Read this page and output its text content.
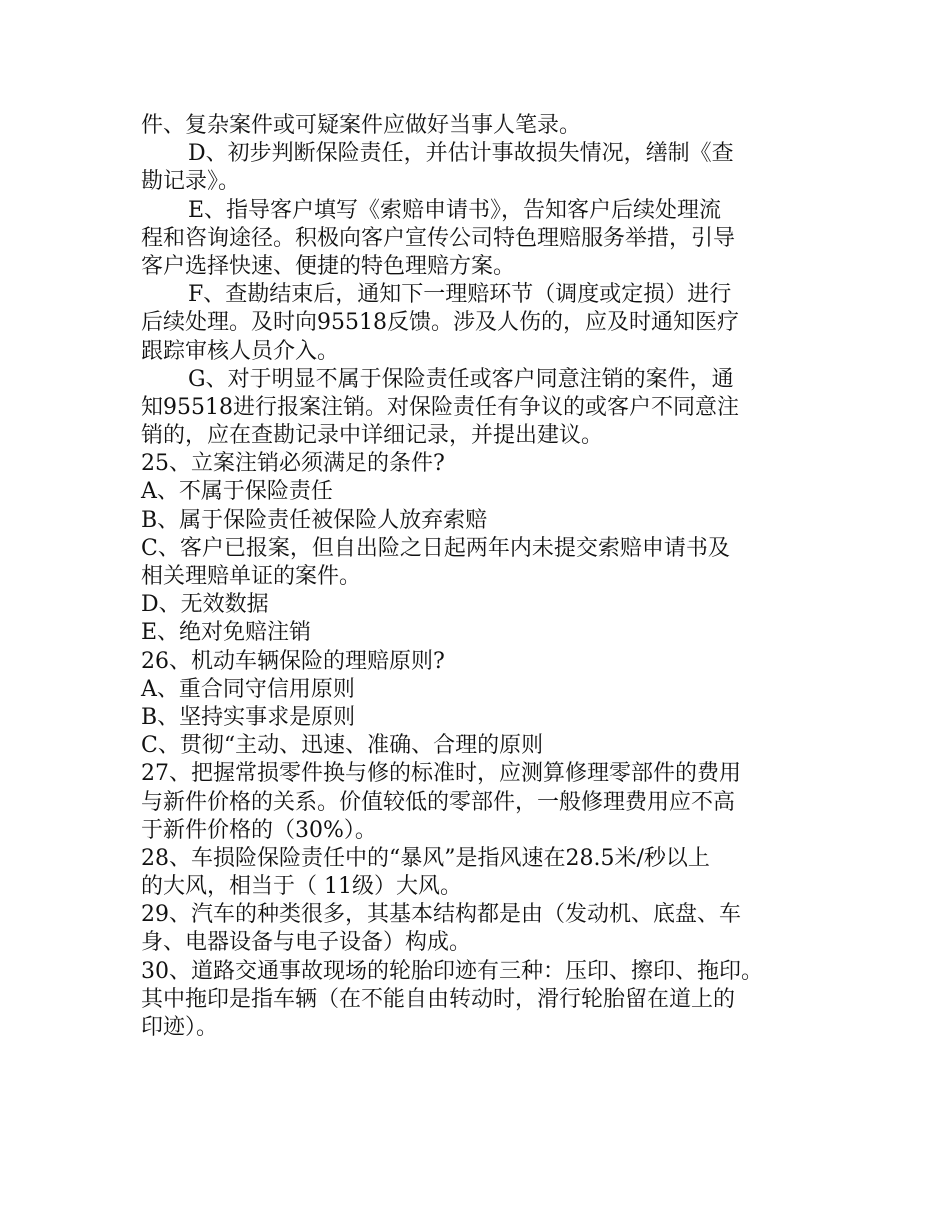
件、复杂案件或可疑案件应做好当事人笔录。
D、初步判断保险责任，并估计事故损失情况，缮制《查
勘记录》。
E、指导客户填写《索赔申请书》，告知客户后续处理流
程和咨询途径。积极向客户宣传公司特色理赔服务举措，引导
客户选择快速、便捷的特色理赔方案。
F、查勘结束后，通知下一理赔环节（调度或定损）进行
后续处理。及时向95518反馈。涉及人伤的，应及时通知医疗
跟踪审核人员介入。
G、对于明显不属于保险责任或客户同意注销的案件，通
知95518进行报案注销。对保险责任有争议的或客户不同意注
销的，应在查勘记录中详细记录，并提出建议。
25、立案注销必须满足的条件?
A、不属于保险责任
B、属于保险责任被保险人放弃索赔
C、客户已报案，但自出险之日起两年内未提交索赔申请书及
相关理赔单证的案件。
D、无效数据
E、绝对免赔注销
26、机动车辆保险的理赔原则?
A、重合同守信用原则
B、坚持实事求是原则
C、贯彻“主动、迅速、准确、合理的原则
27、把握常损零件换与修的标准时，应测算修理零部件的费用
与新件价格的关系。价值较低的零部件，一般修理费用应不高
于新件价格的（30%）。
28、车损险保险责任中的“暴风”是指风速在28.5米/秒以上
的大风，相当于（ 11级）大风。
29、汽车的种类很多，其基本结构都是由（发动机、底盘、车
身、电器设备与电子设备）构成。
30、道路交通事故现场的轮胎印迹有三种：压印、擦印、拖印。
其中拖印是指车辆（在不能自由转动时，滑行轮胎留在道上的
印迹）。
